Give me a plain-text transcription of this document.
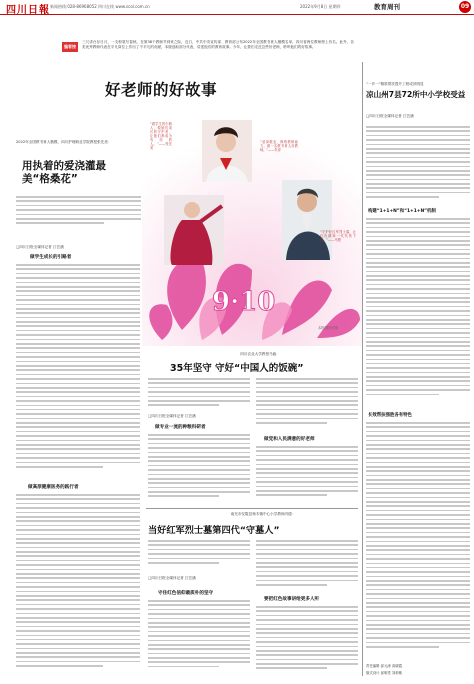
四川日報 新闻热线:028-86968052 四川在线 www.scol.com.cn	2022年9月8日 星期四	教育周刊	09
编者按
三尺讲台存日月，一支粉笔写春秋。在第38个教师节到来之际，近日，中共中央宣传部、教育部公布2022年全国教书育人楷模名单，四川省两位教师榜上有名。此外，各类优秀教师代表在平凡岗位上作出了不平凡的贡献，本版选取部分代表，讲述他们的教育故事。今年，让我们走近这些好老师，聆听他们的好故事。
好老师的好故事
2022年全国教书育人楷模、四川护理职业学院教授张先美：
用执着的爱浇灌最美“格桑花”
□四川日报全媒体记者 江芸涵
做学生成长的引路者
做高原健康医务的践行者
9·10
“做学生的引路人，做她们成长的守护者，让她们都成为有用的人。”——张先美
“爱岗敬业，修炼教研能力，做一名教书育人好教师。”——朱泽
“守护好红军烈士墓，让红色精神一代代传下去。”——马骏
本报制图/朱顺
四川农业大学教授马毅：
35年坚守 守好“中国人的饭碗”
□四川日报全媒体记者 江芸涵
做专业一流的种粮科研者
做党和人民满意的好老师
南充市仪陇县杨木镇中心小学教师冯德：
当好红军烈士墓第四代“守墓人”
□四川日报全媒体记者 江芸涵
守住红色信仰最质朴的坚守
要把红色故事讲给更多人听
“一乡一”精准帮扶提升工程成效明显
凉山州7县72所中小学校受益
□四川日报全媒体记者 江芸涵
构建“1+1+N”和“1+1+N”机制
长效帮扶强胜各有特色
责任编辑 邱元涛 高晓霞
版式设计 邱明堂 刘莉敏
